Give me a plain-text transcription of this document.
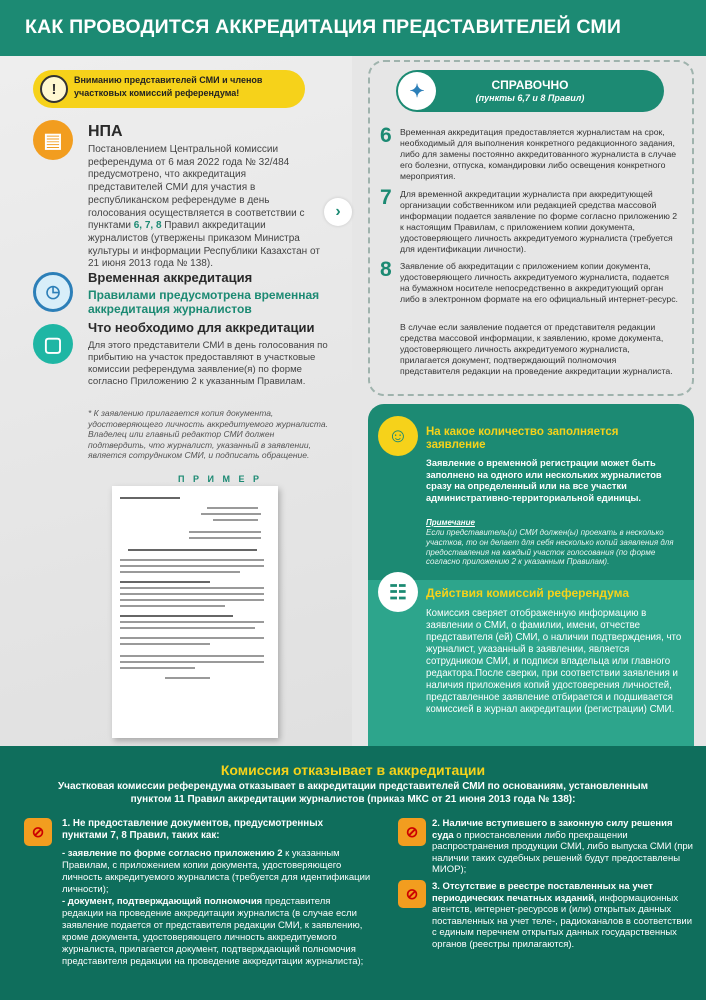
КАК ПРОВОДИТСЯ АККРЕДИТАЦИЯ ПРЕДСТАВИТЕЛЕЙ СМИ
!
Вниманию представителей СМИ и членов участковых комиссий референдума!
▤	НПА
Постановлением Центральной комиссии референдума от 6 мая 2022 года № 32/484 предусмотрено, что аккредитация представителей СМИ для участия в республиканском референдуме в день голосования осуществляется в соответствии с пунктами 6, 7, 8 Правил аккредитации журналистов (утвержены приказом Министра культуры и информации Республики Казахстан от 21 июня 2013 года № 138).
›
◷
Временная аккредитация
Правилами предусмотрена временная аккредитация журналистов
▢
Что необходимо для аккредитации
Для этого представители СМИ в день голосования по прибытию на участок предоставляют в участковые комиссии референдума заявление(я) по форме согласно Приложению 2 к указанным Правилам.
* К заявлению прилагается копия документа, удостоверяющего личность аккредитуемого журналиста. Владелец или главный редактор СМИ должен подтвердить, что журналист, указанный в заявлении, является сотрудником СМИ, и подписать обращение.
П Р И М Е Р
СПРАВОЧНО
(пункты 6,7 и 8 Правил)
✦
6 Временная аккредитация предоставляется журналистам на срок, необходимый для выполнения конкретного редакционного задания, либо для замены постоянно аккредитованного журналиста в случае его болезни, отпуска, командировки либо освещения конкретного мероприятия.
7 Для временной аккредитации журналиста при аккредитующей организации собственником или редакцией средства массовой информации подается заявление по форме согласно приложению 2 к настоящим Правилам, с приложением копии документа, удостоверяющего личность аккредитуемого журналиста (требуется для идентификации личности).
8 Заявление об аккредитации с приложением копии документа, удостоверяющего личность аккредитуемого журналиста, подается на бумажном носителе непосредственно в аккредитующий орган либо в электронном формате на его официальный интернет-ресурс.
В случае если заявление подается от представителя редакции средства массовой информации, к заявлению, кроме документа, удостоверяющего личность аккредитуемого журналиста, прилагается документ, подтверждающий полномочия представителя редакции на проведение аккредитации журналиста.
☺	На какое количество заполняется заявление
Заявление о временной регистрации может быть заполнено на одного или нескольких журналистов сразу на определенный или на все участки административно-территориальной единицы.
Примечание
Если представитель(и) СМИ должен(ы) проехать в несколько участков, то он делает для себя несколько копий заявления для предоставления на каждый участок голосования (по форме согласно приложению 2 к указанным Правилам).
☷	Действия комиссий референдума
Комиссия сверяет отображенную информацию в заявлении о СМИ, о фамилии, имени, отчестве представителя (ей) СМИ, о наличии подтверждения, что журналист, указанный в заявлении, является сотрудником СМИ, и подписи владельца или главного редактора.После сверки, при соответствии заявления и наличия приложения копий удостоверения личностей, представленное заявление отбирается и подшивается комиссией в журнал аккредитации (регистрации) СМИ.
Комиссия отказывает в аккредитации
Участковая комиссии референдума отказывает в аккредитации представителей СМИ по основаниям, установленным пунктом 11 Правил аккредитации журналистов (приказ МКС от 21 июня 2013 года № 138):
⊘
1. Не предоставление документов, предусмотренных пунктами 7, 8 Правил, таких как:
- заявление по форме согласно приложению 2 к указанным Правилам, с приложением копии документа, удостоверяющего личность аккредитуемого журналиста (требуется для идентификации личности);
- документ, подтверждающий полномочия представителя редакции на проведение аккредитации журналиста (в случае если заявление подается от представителя редакции СМИ, к заявлению, кроме документа, удостоверяющего личность аккредитуемого журналиста, прилагается документ, подтверждающий полномочия представителя редакции на проведение аккредитации журналиста);
⊘
2. Наличие вступившего в законную силу решения суда о приостановлении либо прекращении распространения продукции СМИ, либо выпуска СМИ (при наличии таких судебных решений будут предоставлены МИОР);
⊘	3. Отсутствие в реестре поставленных на учет периодических печатных изданий, информационных агентств, интернет-ресурсов и (или) открытых данных поставленных на учет теле-, радиоканалов в соответствии с единым перечнем открытых данных государственных органов (реестры прилагаются).
